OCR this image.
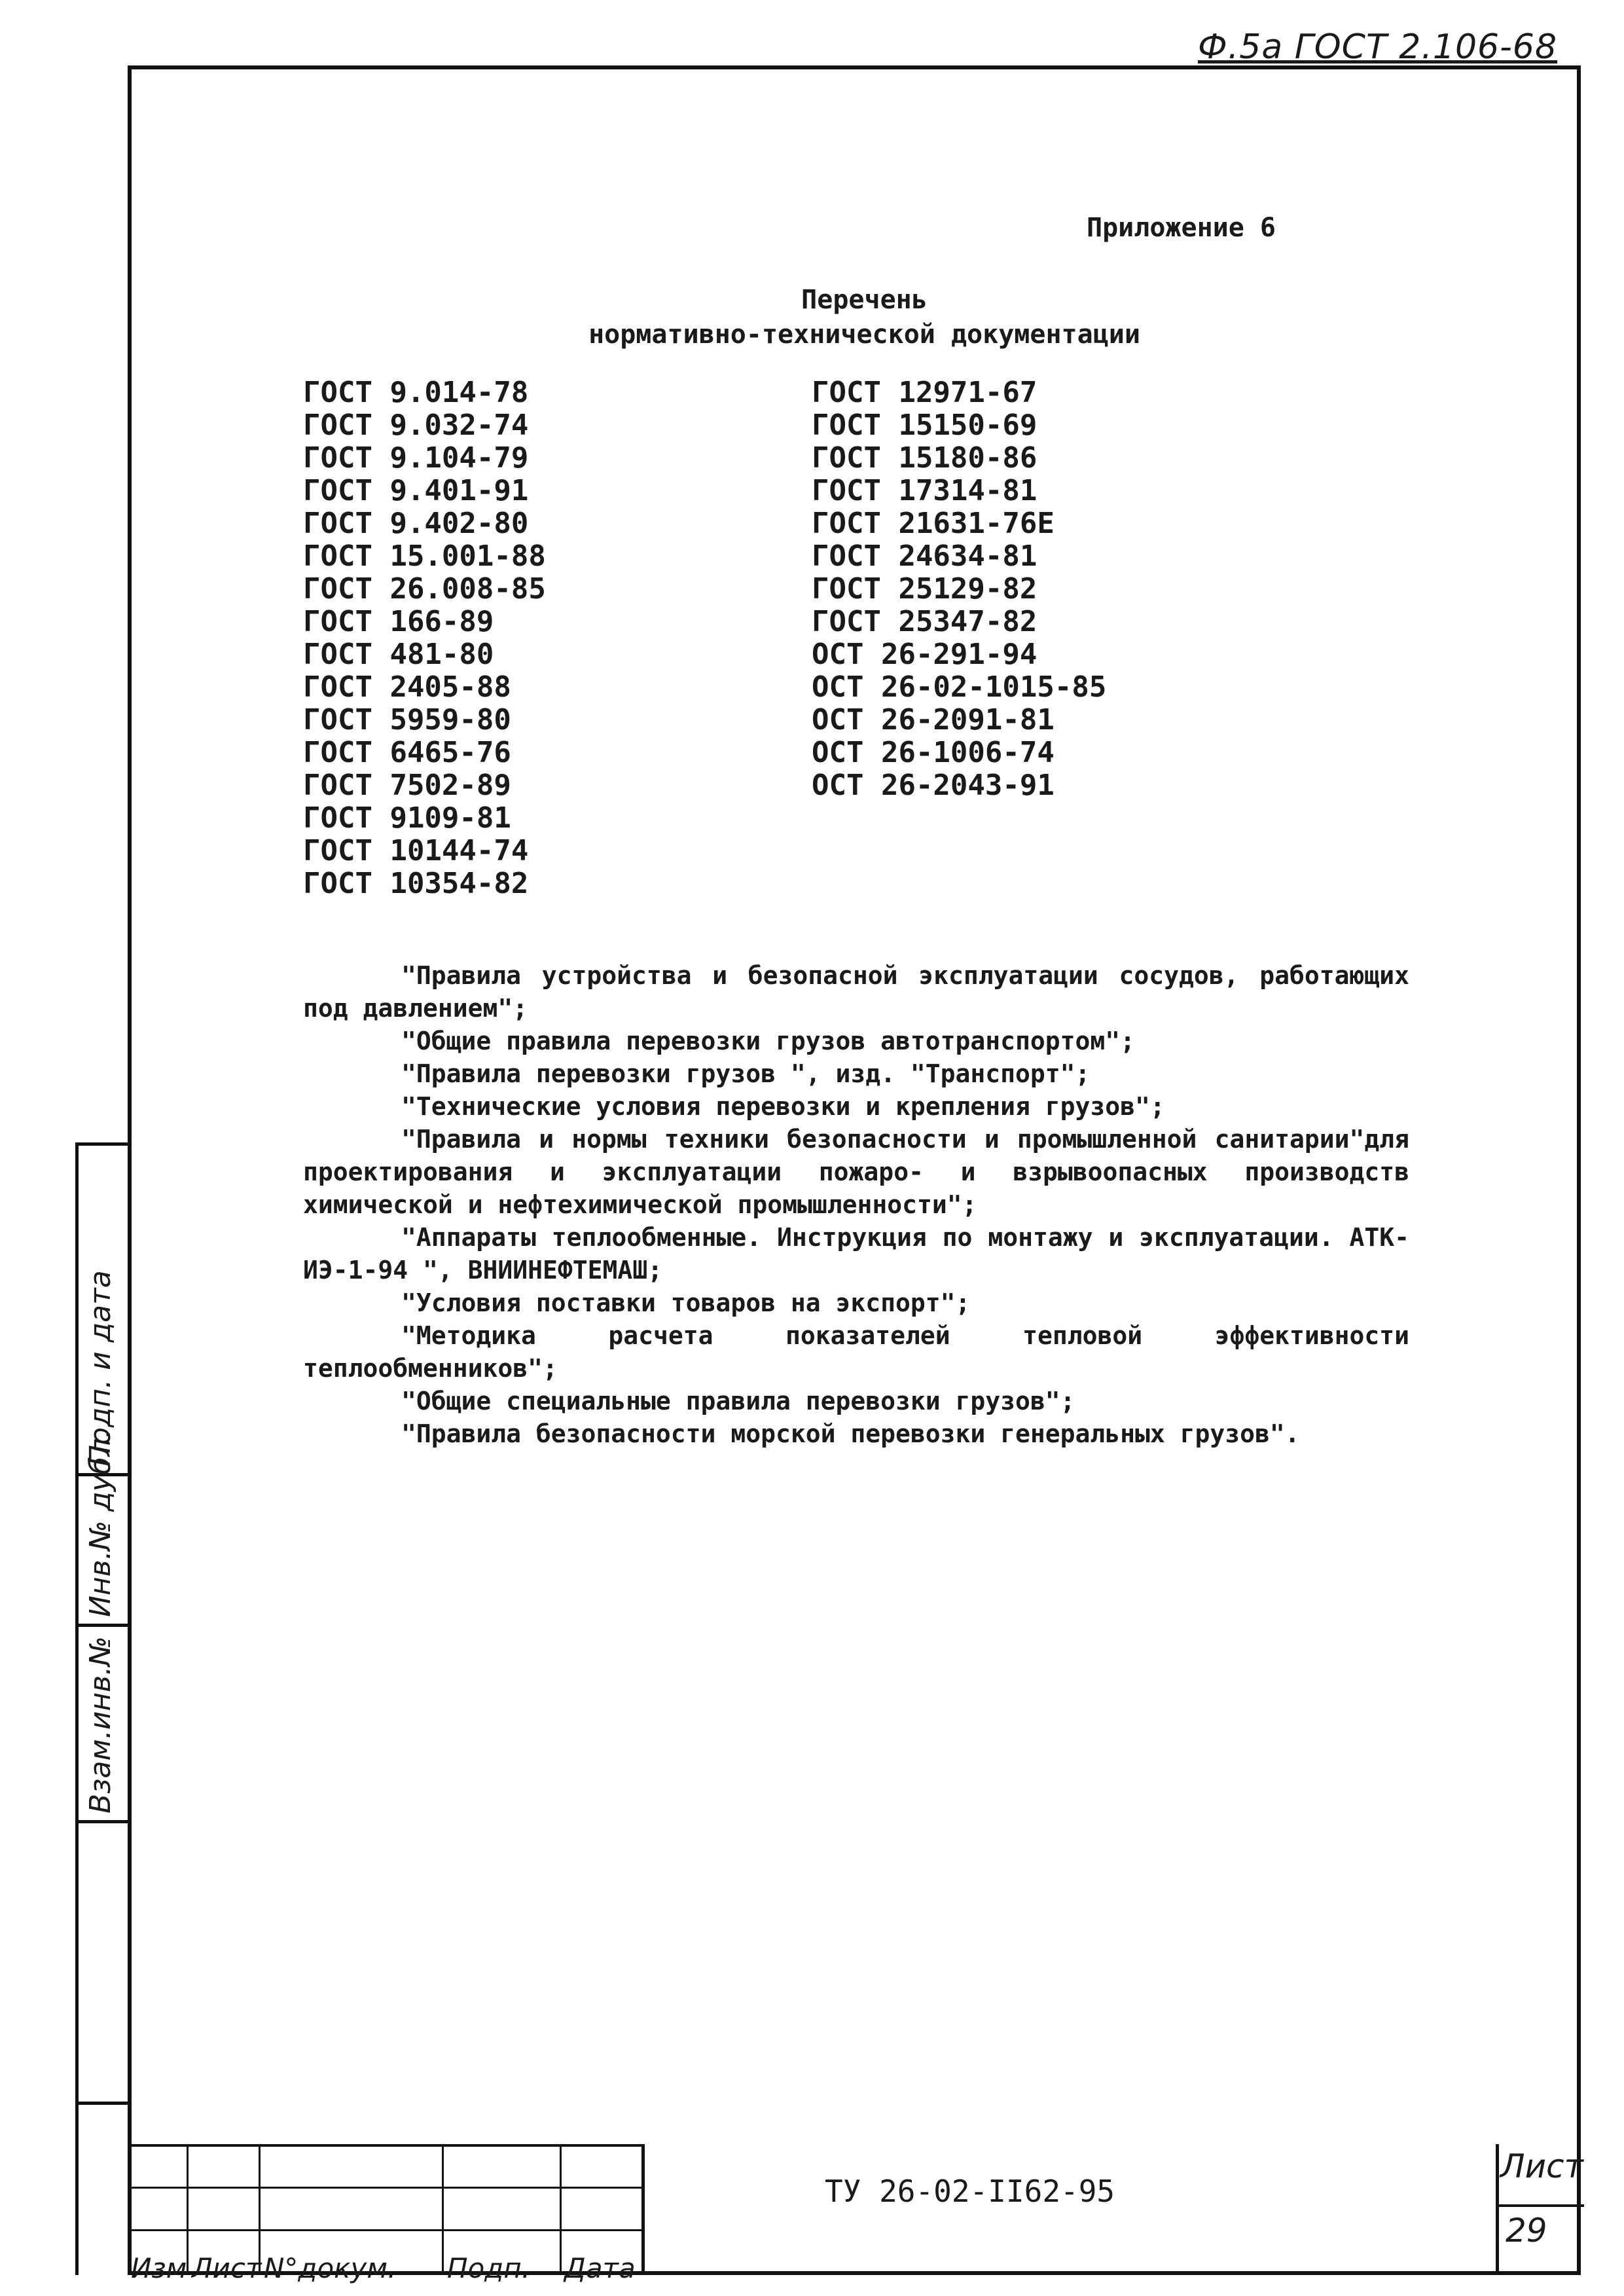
Ф.5а ГОСТ 2.106-68
Приложение 6
Перечень
нормативно-технической документации
ГОСТ 9.014-78
ГОСТ 9.032-74
ГОСТ 9.104-79
ГОСТ 9.401-91
ГОСТ 9.402-80
ГОСТ 15.001-88
ГОСТ 26.008-85
ГОСТ 166-89
ГОСТ 481-80
ГОСТ 2405-88
ГОСТ 5959-80
ГОСТ 6465-76
ГОСТ 7502-89
ГОСТ 9109-81
ГОСТ 10144-74
ГОСТ 10354-82
ГОСТ 12971-67
ГОСТ 15150-69
ГОСТ 15180-86
ГОСТ 17314-81
ГОСТ 21631-76Е
ГОСТ 24634-81
ГОСТ 25129-82
ГОСТ 25347-82
ОСТ 26-291-94
ОСТ 26-02-1015-85
ОСТ 26-2091-81
ОСТ 26-1006-74
ОСТ 26-2043-91

"Правила устройства и безопасной эксплуатации сосудов, работающих под давлением";

"Общие правила перевозки грузов автотранспортом";

"Правила перевозки грузов ", изд. "Транспорт";

"Технические условия перевозки и крепления грузов";

"Правила и нормы техники безопасности и промышленной санитарии"для проектирования и эксплуатации пожаро- и взрывоопасных производств химической и нефтехимической промышленности";

"Аппараты теплообменные. Инструкция по монтажу и эксплуатации. АТК-ИЭ-1-94 ", ВНИИНЕФТЕМАШ;

"Условия поставки товаров на экспорт";

"Методика расчета показателей тепловой эффективности теплообменников";

"Общие специальные правила перевозки грузов";

"Правила безопасности морской перевозки генеральных грузов".

Подп. и дата
Инв.№ дубл.
Взам.инв.№
Изм Лист N°докум. Подп. Дата
ТУ 26-02-II62-95
Лист
29
